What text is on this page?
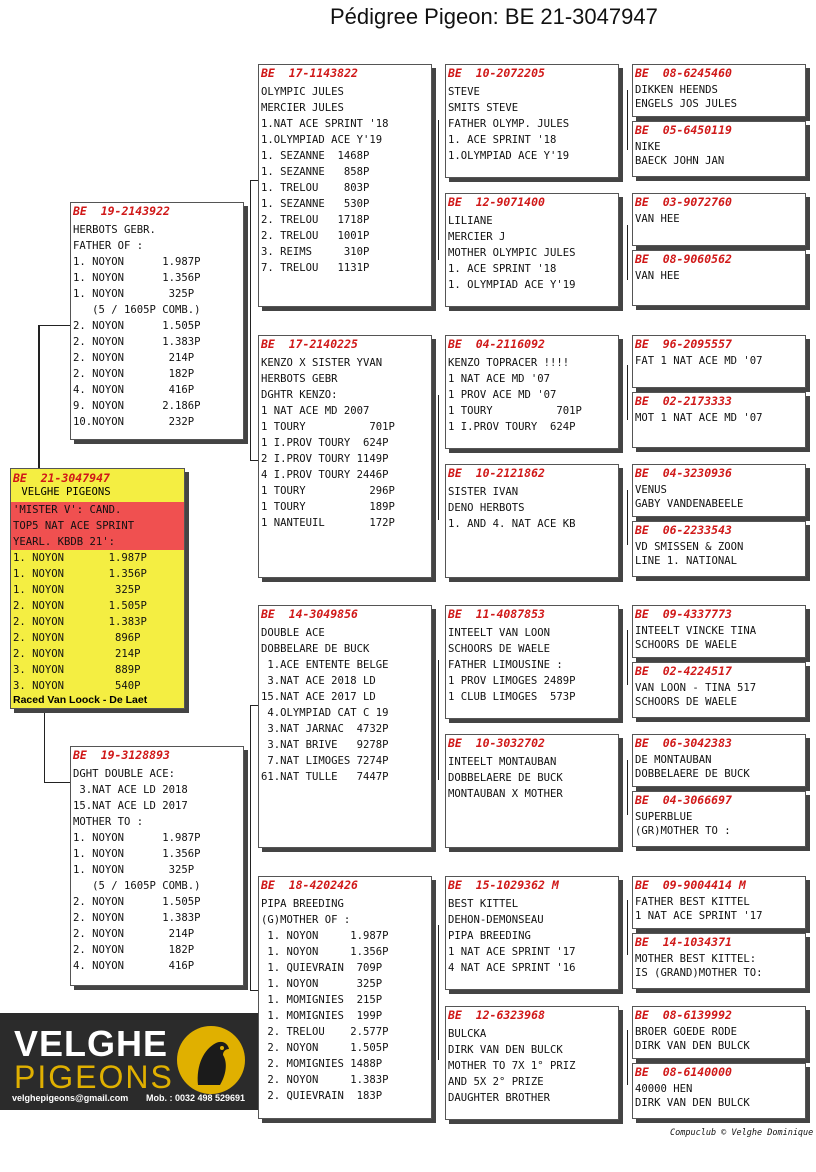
Pédigree Pigeon: BE 21-3047947
BE  21-3047947
VELGHE PIGEONS
'MISTER V': CAND.
TOP5 NAT ACE SPRINT
YEARL. KBDB 21':
1. NOYON       1.987P
1. NOYON       1.356P
1. NOYON        325P
2. NOYON       1.505P
2. NOYON       1.383P
2. NOYON        896P
2. NOYON        214P
3. NOYON        889P
3. NOYON        540P
Raced Van Loock - De Laet
BE  19-2143922
HERBOTS GEBR.
FATHER OF :
1. NOYON      1.987P
1. NOYON      1.356P
1. NOYON       325P
(5 / 1605P COMB.)
2. NOYON      1.505P
2. NOYON      1.383P
2. NOYON       214P
2. NOYON       182P
4. NOYON       416P
9. NOYON      2.186P
10.NOYON       232P
BE  19-3128893
DGHT DOUBLE ACE:
3.NAT ACE LD 2018
15.NAT ACE LD 2017
MOTHER TO :
1. NOYON      1.987P
1. NOYON      1.356P
1. NOYON       325P
(5 / 1605P COMB.)
2. NOYON      1.505P
2. NOYON      1.383P
2. NOYON       214P
2. NOYON       182P
4. NOYON       416P
BE  17-1143822
OLYMPIC JULES
MERCIER JULES
1.NAT ACE SPRINT '18
1.OLYMPIAD ACE Y'19
1. SEZANNE  1468P
1. SEZANNE   858P
1. TRELOU    803P
1. SEZANNE   530P
2. TRELOU   1718P
2. TRELOU   1001P
3. REIMS     310P
7. TRELOU   1131P
BE  17-2140225
KENZO X SISTER YVAN
HERBOTS GEBR
DGHTR KENZO:
1 NAT ACE MD 2007
1 TOURY          701P
1 I.PROV TOURY  624P
2 I.PROV TOURY 1149P
4 I.PROV TOURY 2446P
1 TOURY          296P
1 TOURY          189P
1 NANTEUIL       172P
BE  14-3049856
DOUBLE ACE
DOBBELARE DE BUCK
1.ACE ENTENTE BELGE
3.NAT ACE 2018 LD
15.NAT ACE 2017 LD
4.OLYMPIAD CAT C 19
3.NAT JARNAC  4732P
3.NAT BRIVE   9278P
7.NAT LIMOGES 7274P
61.NAT TULLE   7447P
BE  18-4202426
PIPA BREEDING
(G)MOTHER OF :
1. NOYON     1.987P
1. NOYON     1.356P
1. QUIEVRAIN  709P
1. NOYON      325P
1. MOMIGNIES  215P
1. MOMIGNIES  199P
2. TRELOU    2.577P
2. NOYON     1.505P
2. MOMIGNIES 1488P
2. NOYON     1.383P
2. QUIEVRAIN  183P
BE  10-2072205
STEVE
SMITS STEVE
FATHER OLYMP. JULES
1. ACE SPRINT '18
1.OLYMPIAD ACE Y'19
BE  12-9071400
LILIANE
MERCIER J
MOTHER OLYMPIC JULES
1. ACE SPRINT '18
1. OLYMPIAD ACE Y'19
BE  04-2116092
KENZO TOPRACER !!!!
1 NAT ACE MD '07
1 PROV ACE MD '07
1 TOURY          701P
1 I.PROV TOURY  624P
BE  10-2121862
SISTER IVAN
DENO HERBOTS
1. AND 4. NAT ACE KB
BE  11-4087853
INTEELT VAN LOON
SCHOORS DE WAELE
FATHER LIMOUSINE :
1 PROV LIMOGES 2489P
1 CLUB LIMOGES  573P
BE  10-3032702
INTEELT MONTAUBAN
DOBBELAERE DE BUCK
MONTAUBAN X MOTHER
BE  15-1029362 M
BEST KITTEL
DEHON-DEMONSEAU
PIPA BREEDING
1 NAT ACE SPRINT '17
4 NAT ACE SPRINT '16
BE  12-6323968
BULCKA
DIRK VAN DEN BULCK
MOTHER TO 7X 1° PRIZ
AND 5X 2° PRIZE
DAUGHTER BROTHER
BE  08-6245460
DIKKEN HEENDS
ENGELS JOS JULES
BE  05-6450119
NIKE
BAECK JOHN JAN
BE  03-9072760
VAN HEE
BE  08-9060562
VAN HEE
BE  96-2095557
FAT 1 NAT ACE MD '07
BE  02-2173333
MOT 1 NAT ACE MD '07
BE  04-3230936
VENUS
GABY VANDENABEELE
BE  06-2233543
VD SMISSEN & ZOON
LINE 1. NATIONAL
BE  09-4337773
INTEELT VINCKE TINA
SCHOORS DE WAELE
BE  02-4224517
VAN LOON - TINA 517
SCHOORS DE WAELE
BE  06-3042383
DE MONTAUBAN
DOBBELAERE DE BUCK
BE  04-3066697
SUPERBLUE
(GR)MOTHER TO :
BE  09-9004414 M
FATHER BEST KITTEL
1 NAT ACE SPRINT '17
BE  14-1034371
MOTHER BEST KITTEL:
IS (GRAND)MOTHER TO:
BE  08-6139992
BROER GOEDE RODE
DIRK VAN DEN BULCK
BE  08-6140000
40000 HEN
DIRK VAN DEN BULCK
VELGHE
PIGEONS
velghepigeons@gmail.com Mob. : 0032 498 529691
Compuclub © Velghe Dominique
